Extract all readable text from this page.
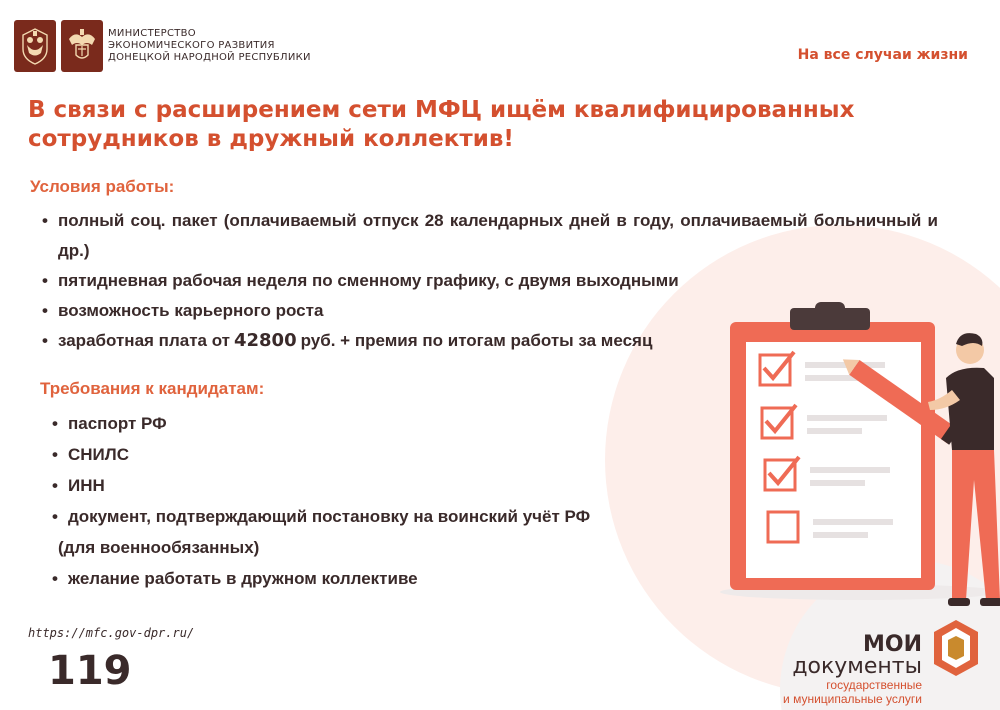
МИНИСТЕРСТВО
ЭКОНОМИЧЕСКОГО РАЗВИТИЯ
ДОНЕЦКОЙ НАРОДНОЙ РЕСПУБЛИКИ	На все случаи жизни
В связи с расширением сети МФЦ ищём квалифицированных
сотрудников в дружный коллектив!
Условия работы:
• полный соц. пакет (оплачиваемый отпуск 28 календарных дней в году, оплачиваемый больничный и др.)
• пятидневная рабочая неделя по сменному графику, с двумя выходными
• возможность карьерного роста
• заработная плата от 42800 руб. + премия по итогам работы за месяц
Требования к кандидатам:
• паспорт РФ
• СНИЛС
• ИНН
• документ, подтверждающий постановку на воинский учёт РФ
(для военнообязанных)
• желание работать в дружном коллективе
https://mfc.gov-dpr.ru/
119
МОИ
документы
государственные
и муниципальные услуги
